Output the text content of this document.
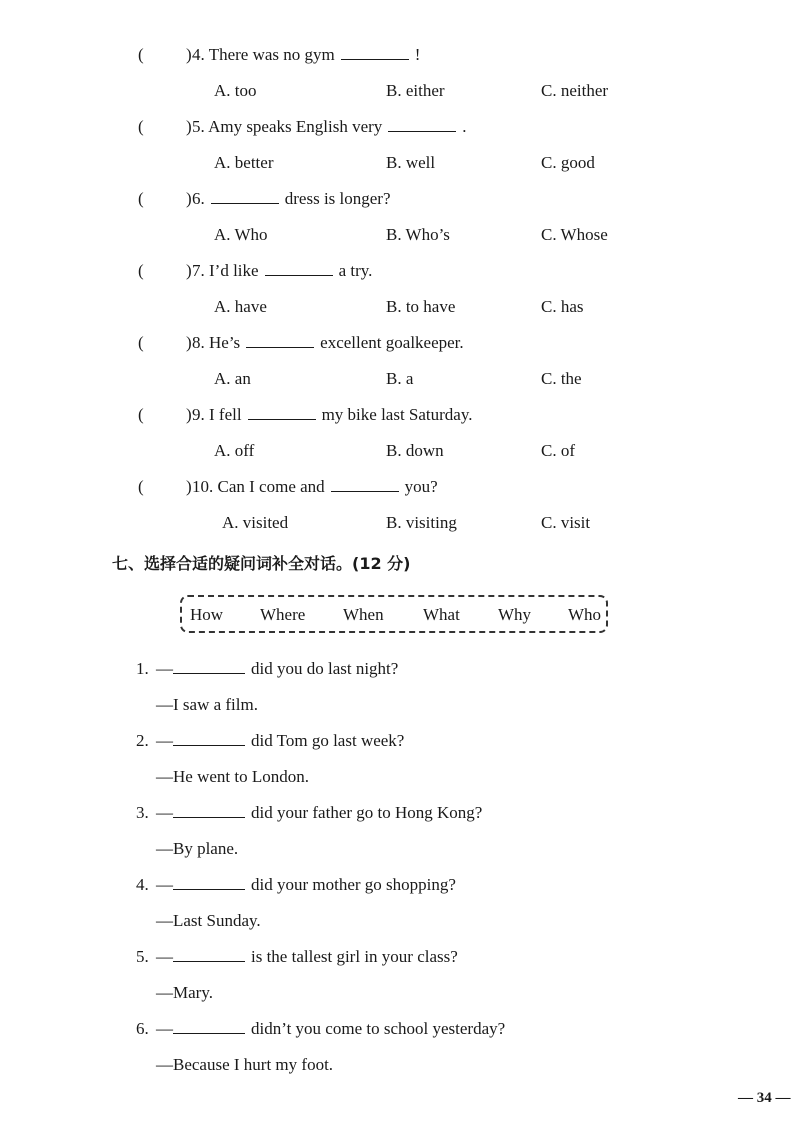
( ) 4. There was no gym	!
A. too	B. either	C. neither
( ) 5. Amy speaks English very	.
A. better	B. well	C. good
( ) 6.	dress is longer?
A. Who	B. Who’s	C. Whose
( ) 7. I’d like	a try.
A. have	B. to have	C. has
( ) 8. He’s	excellent goalkeeper.
A. an	B. a	C. the
( ) 9. I fell	my bike last Saturday.
A. off	B. down	C. of
( ) 10. Can I come and	you?
A. visited	B. visiting	C. visit
七、选择合适的疑问词补全对话。(12 分)
How Where When What Why Who
1. —	did you do last night?
—I saw a film.
2. —	did Tom go last week?
—He went to London.
3. —	did your father go to Hong Kong?
—By plane.
4. —	did your mother go shopping?
—Last Sunday.
5. —	is the tallest girl in your class?
—Mary.
6. —	didn’t you come to school yesterday?
—Because I hurt my foot.
— 34 —
